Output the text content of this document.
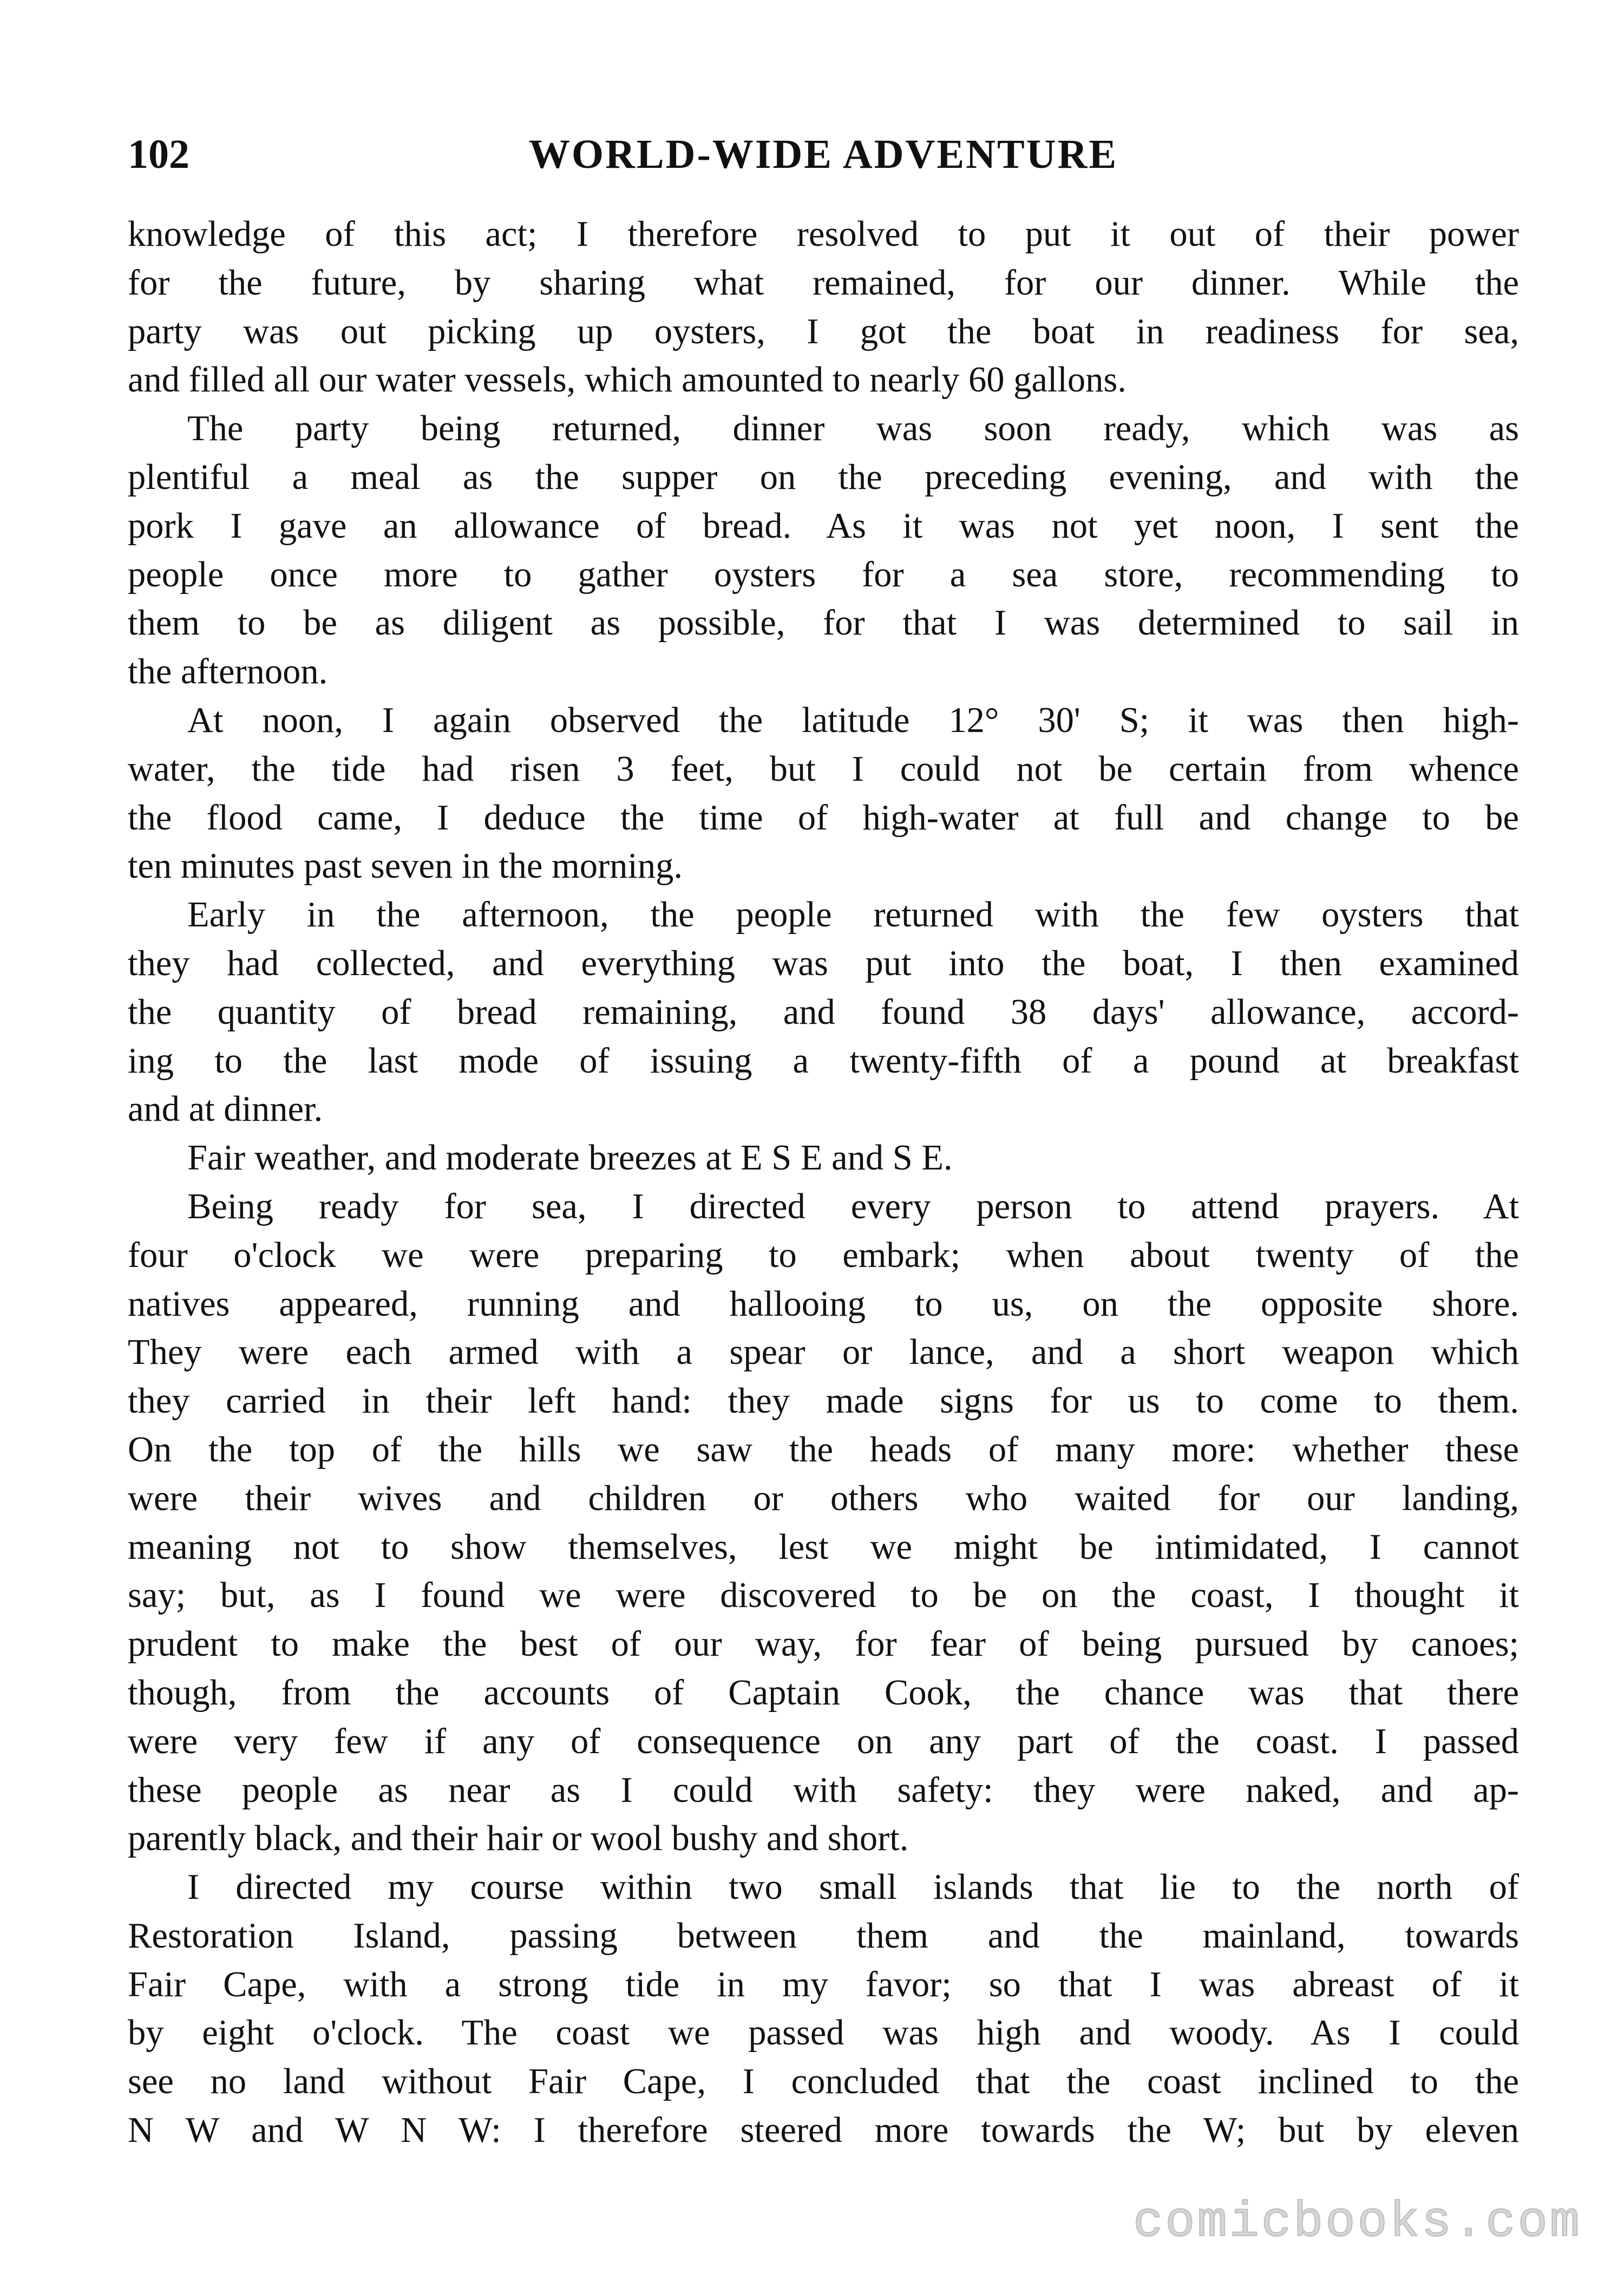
102	WORLD-WIDE ADVENTURE
knowledge of this act; I therefore resolved to put it out of their power
for the future, by sharing what remained, for our dinner. While the
party was out picking up oysters, I got the boat in readiness for sea,
and filled all our water vessels, which amounted to nearly 60 gallons.
The party being returned, dinner was soon ready, which was as
plentiful a meal as the supper on the preceding evening, and with the
pork I gave an allowance of bread. As it was not yet noon, I sent the
people once more to gather oysters for a sea store, recommending to
them to be as diligent as possible, for that I was determined to sail in
the afternoon.
At noon, I again observed the latitude 12° 30' S; it was then high-
water, the tide had risen 3 feet, but I could not be certain from whence
the flood came, I deduce the time of high-water at full and change to be
ten minutes past seven in the morning.
Early in the afternoon, the people returned with the few oysters that
they had collected, and everything was put into the boat, I then examined
the quantity of bread remaining, and found 38 days' allowance, accord-
ing to the last mode of issuing a twenty-fifth of a pound at breakfast
and at dinner.
Fair weather, and moderate breezes at E S E and S E.
Being ready for sea, I directed every person to attend prayers. At
four o'clock we were preparing to embark; when about twenty of the
natives appeared, running and hallooing to us, on the opposite shore.
They were each armed with a spear or lance, and a short weapon which
they carried in their left hand: they made signs for us to come to them.
On the top of the hills we saw the heads of many more: whether these
were their wives and children or others who waited for our landing,
meaning not to show themselves, lest we might be intimidated, I cannot
say; but, as I found we were discovered to be on the coast, I thought it
prudent to make the best of our way, for fear of being pursued by canoes;
though, from the accounts of Captain Cook, the chance was that there
were very few if any of consequence on any part of the coast. I passed
these people as near as I could with safety: they were naked, and ap-
parently black, and their hair or wool bushy and short.
I directed my course within two small islands that lie to the north of
Restoration Island, passing between them and the mainland, towards
Fair Cape, with a strong tide in my favor; so that I was abreast of it
by eight o'clock. The coast we passed was high and woody. As I could
see no land without Fair Cape, I concluded that the coast inclined to the
N W and W N W: I therefore steered more towards the W; but by eleven
comicbooks.com
